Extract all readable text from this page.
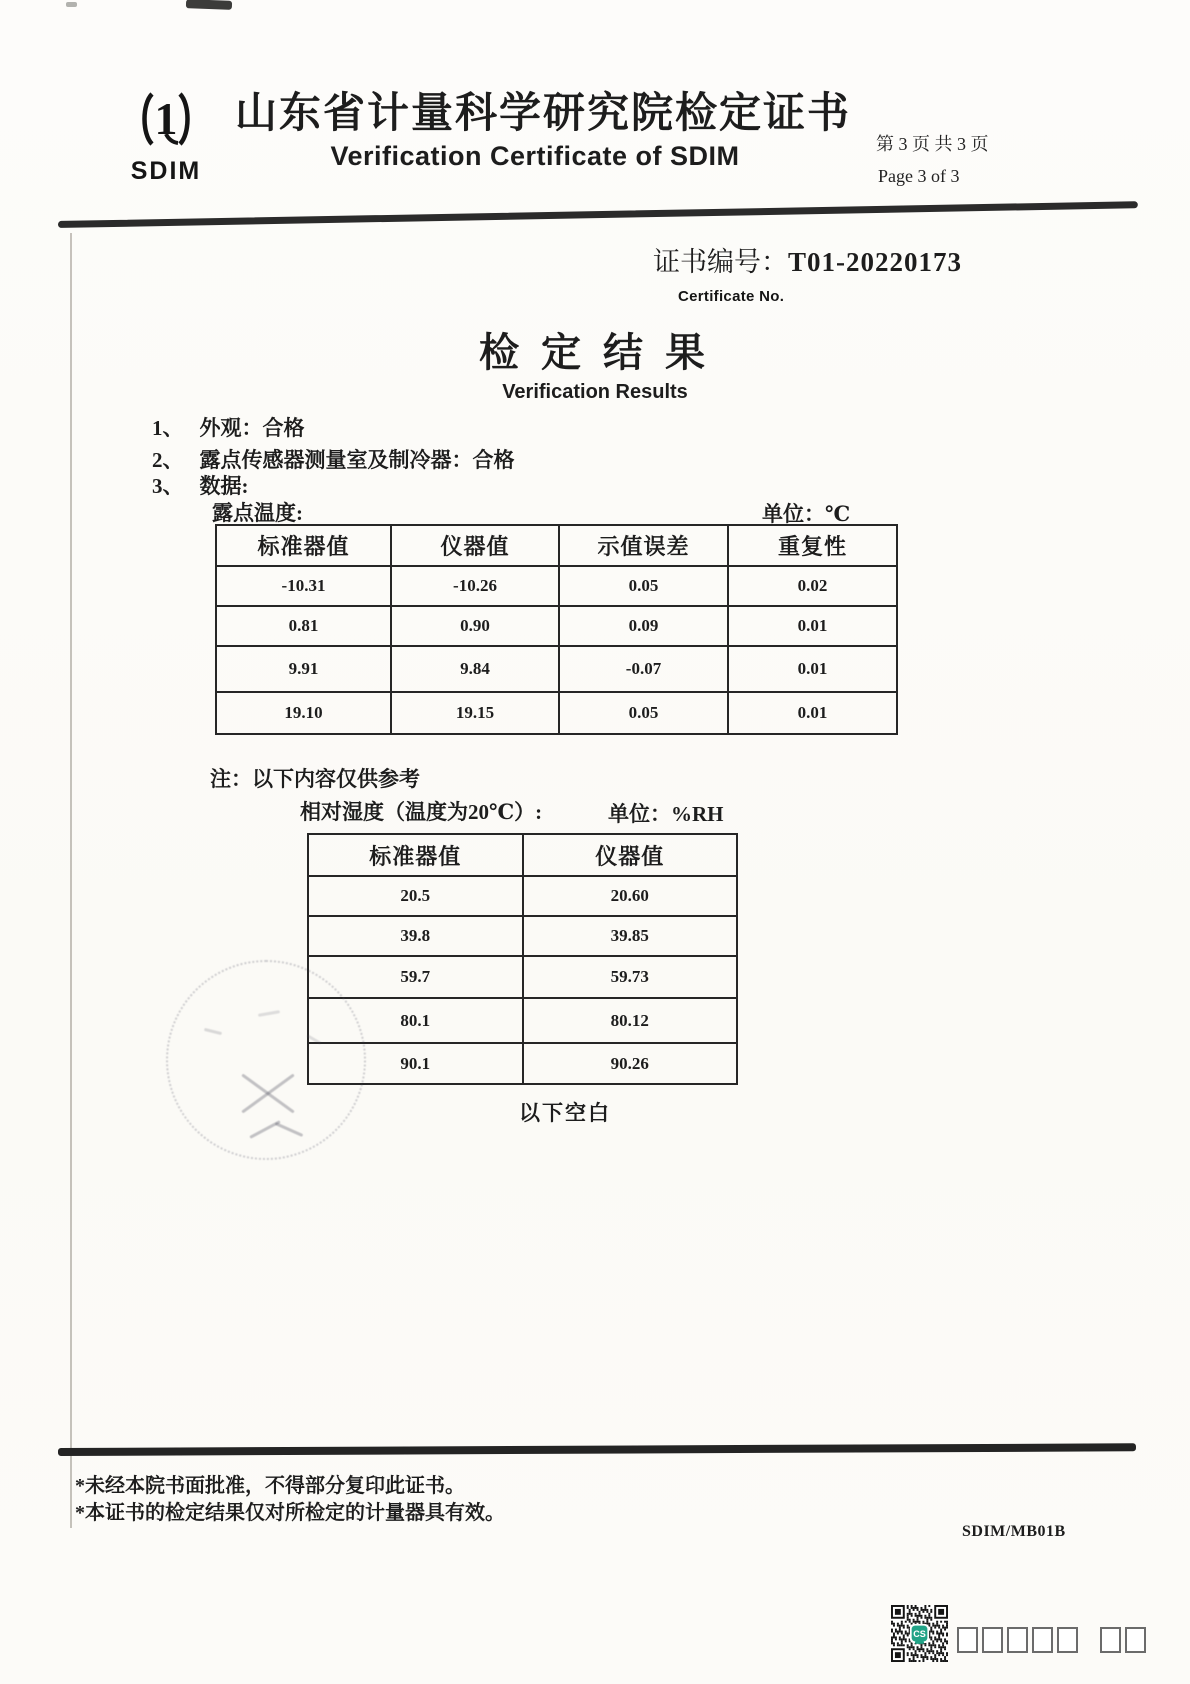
1
SDIM
山东省计量科学研究院检定证书
Verification Certificate of SDIM	第 3 页 共 3 页
Page 3 of 3
证书编号：T01-20220173
Certificate No.
检 定 结 果
Verification Results
1、 外观：合格
2、 露点传感器测量室及制冷器：合格
3、 数据:
露点温度:	单位：℃
标准器值	仪器值	示值误差	重复性
-10.31	-10.26	0.05	0.02
0.81	0.90	0.09	0.01
9.91	9.84	-0.07	0.01
19.10	19.15	0.05	0.01
注：以下内容仅供参考
相对湿度（温度为20℃）:	单位：%RH
标准器值	仪器值
20.5	20.60
39.8	39.85
59.7	59.73
80.1	80.12
90.1	90.26
以下空白
*未经本院书面批准，不得部分复印此证书。
*本证书的检定结果仅对所检定的计量器具有效。
SDIM/MB01B
CS
